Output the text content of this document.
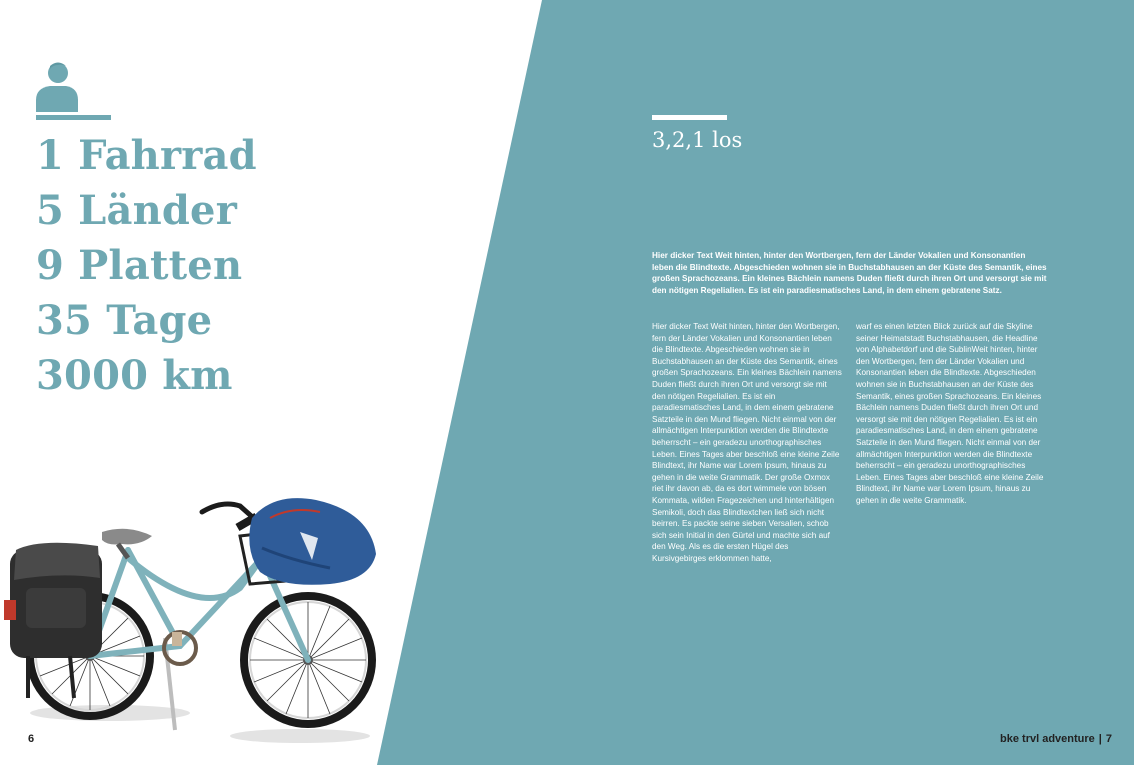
1 Fahrrad
5 Länder
9 Platten
35 Tage
3000 km
6
3,2,1 los

Hier dicker Text Weit hinten, hinter den Wortbergen, fern der Länder Vokalien und Konsonantien leben die Blindtexte. Abgeschieden wohnen sie in Buchstabhausen an der Küste des Semantik, eines großen Sprachozeans. Ein kleines Bächlein namens Duden fließt durch ihren Ort und versorgt sie mit den nötigen Regelialien. Es ist ein paradiesmatisches Land, in dem einem gebratene Satz.

Hier dicker Text Weit hinten, hinter den Wortbergen, fern der Länder Vokalien und Konsonantien leben die Blindtexte. Abgeschieden wohnen sie in Buchstabhausen an der Küste des Semantik, eines großen Sprachozeans. Ein kleines Bächlein namens Duden fließt durch ihren Ort und versorgt sie mit den nötigen Regelialien. Es ist ein paradiesmatisches Land, in dem einem gebratene Satzteile in den Mund fliegen. Nicht einmal von der allmächtigen Interpunktion werden die Blindtexte beherrscht – ein geradezu unorthographisches Leben. Eines Tages aber beschloß eine kleine Zeile Blindtext, ihr Name war Lorem Ipsum, hinaus zu gehen in die weite Grammatik. Der große Oxmox riet ihr davon ab, da es dort wimmele von bösen Kommata, wilden Fragezeichen und hinterhältigen Semikoli, doch das Blindtextchen ließ sich nicht beirren. Es packte seine sieben Versalien, schob sich sein Initial in den Gürtel und machte sich auf den Weg. Als es die ersten Hügel des Kursivgebirges erklommen hatte,

warf es einen letzten Blick zurück auf die Skyline seiner Heimatstadt Buchstabhausen, die Headline von Alphabetdorf und die SublinWeit hinten, hinter den Wortbergen, fern der Länder Vokalien und Konsonantien leben die Blindtexte. Abgeschieden wohnen sie in Buchstabhausen an der Küste des Semantik, eines großen Sprachozeans. Ein kleines Bächlein namens Duden fließt durch ihren Ort und versorgt sie mit den nötigen Regelialien. Es ist ein paradiesmatisches Land, in dem einem gebratene Satzteile in den Mund fliegen. Nicht einmal von der allmächtigen Interpunktion werden die Blindtexte beherrscht – ein geradezu unorthographisches Leben. Eines Tages aber beschloß eine kleine Zeile Blindtext, ihr Name war Lorem Ipsum, hinaus zu gehen in die weite Grammatik.

bke trvl adventure | 7
